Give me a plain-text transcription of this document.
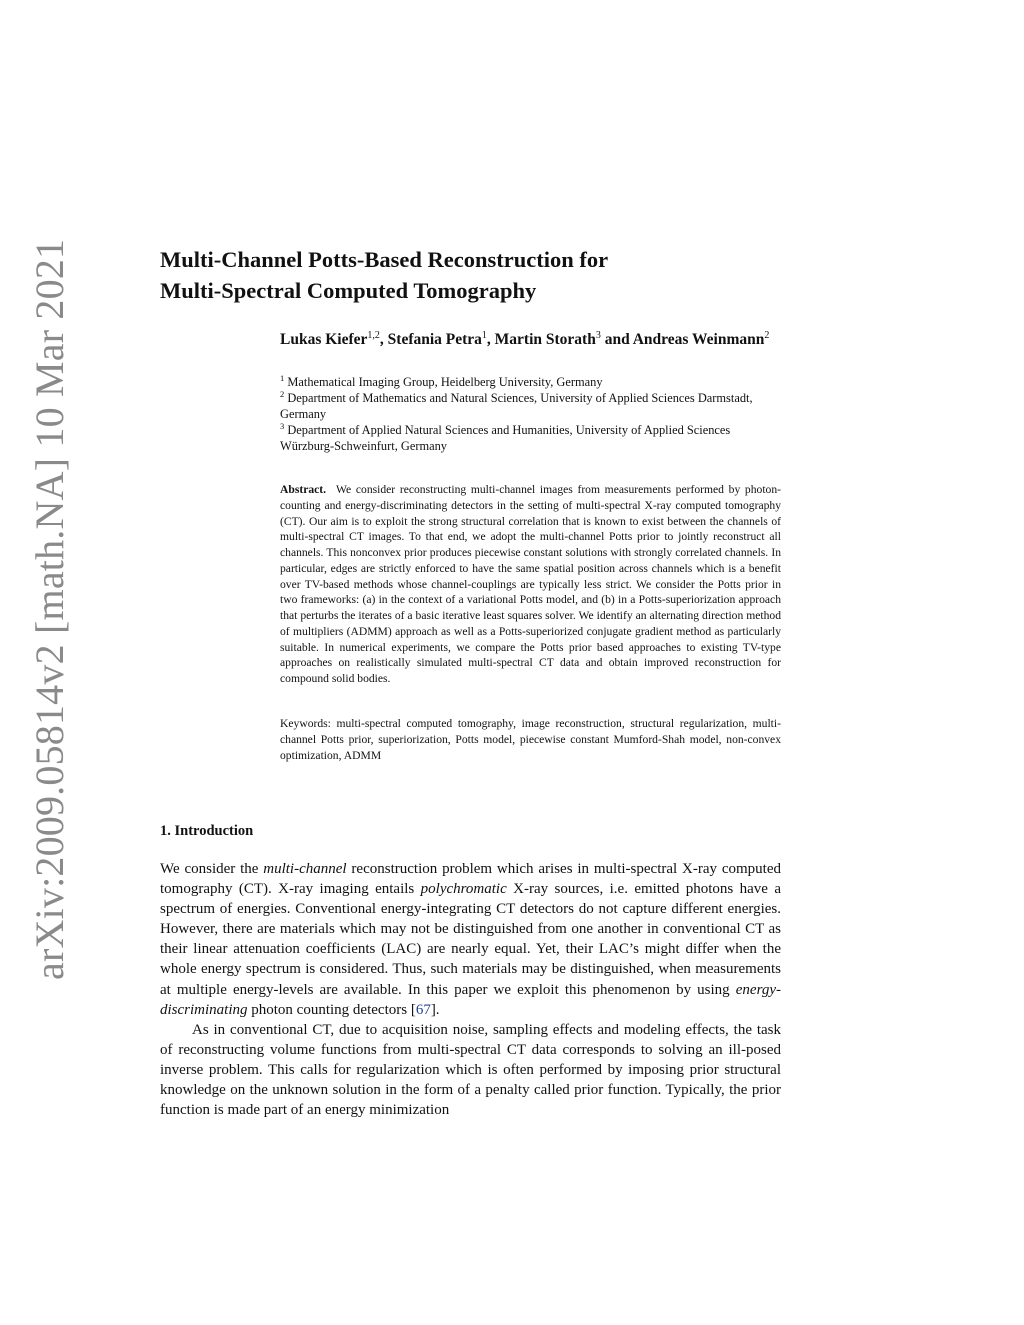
arXiv:2009.05814v2 [math.NA] 10 Mar 2021	Multi-Channel Potts-Based Reconstruction for
Multi-Spectral Computed Tomography
Lukas Kiefer$^{1,2}$, Stefania Petra$^1$, Martin Storath$^3$ and Andreas Weinmann$^2$
$^1$ Mathematical Imaging Group, Heidelberg University, Germany
$^2$ Department of Mathematics and Natural Sciences, University of Applied Sciences Darmstadt, Germany
$^3$ Department of Applied Natural Sciences and Humanities, University of Applied Sciences Würzburg-Schweinfurt, Germany
Abstract. We consider reconstructing multi-channel images from measurements performed by photon-counting and energy-discriminating detectors in the setting of multi-spectral X-ray computed tomography (CT). Our aim is to exploit the strong structural correlation that is known to exist between the channels of multi-spectral CT images. To that end, we adopt the multi-channel Potts prior to jointly reconstruct all channels. This nonconvex prior produces piecewise constant solutions with strongly correlated channels. In particular, edges are strictly enforced to have the same spatial position across channels which is a benefit over TV-based methods whose channel-couplings are typically less strict. We consider the Potts prior in two frameworks: (a) in the context of a variational Potts model, and (b) in a Potts-superiorization approach that perturbs the iterates of a basic iterative least squares solver. We identify an alternating direction method of multipliers (ADMM) approach as well as a Potts-superiorized conjugate gradient method as particularly suitable. In numerical experiments, we compare the Potts prior based approaches to existing TV-type approaches on realistically simulated multi-spectral CT data and obtain improved reconstruction for compound solid bodies.
Keywords: multi-spectral computed tomography, image reconstruction, structural regularization, multi-channel Potts prior, superiorization, Potts model, piecewise constant Mumford-Shah model, non-convex optimization, ADMM
1. Introduction

We consider the multi-channel reconstruction problem which arises in multi-spectral X-ray computed tomography (CT). X-ray imaging entails polychromatic X-ray sources, i.e. emitted photons have a spectrum of energies. Conventional energy-integrating CT detectors do not capture different energies. However, there are materials which may not be distinguished from one another in conventional CT as their linear attenuation coefficients (LAC) are nearly equal. Yet, their LAC’s might differ when the whole energy spectrum is considered. Thus, such materials may be distinguished, when measurements at multiple energy-levels are available. In this paper we exploit this phenomenon by using energy-discriminating photon counting detectors [67].

As in conventional CT, due to acquisition noise, sampling effects and modeling effects, the task of reconstructing volume functions from multi-spectral CT data corresponds to solving an ill-posed inverse problem. This calls for regularization which is often performed by imposing prior structural knowledge on the unknown solution in the form of a penalty called prior function. Typically, the prior function is made part of an energy minimization
